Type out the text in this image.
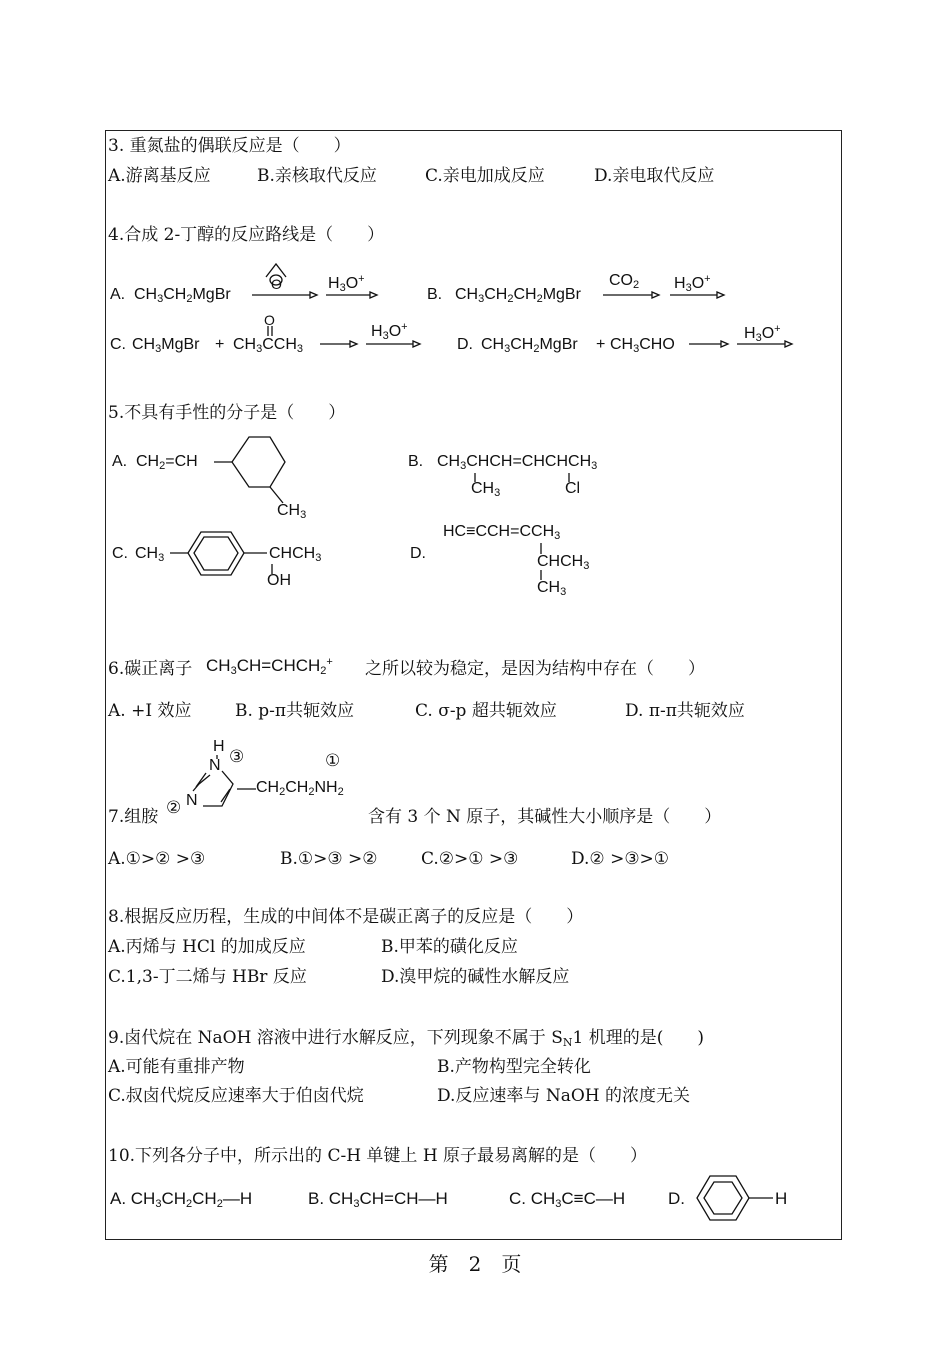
3. 重氮盐的偶联反应是（　　）
A.游离基反应	B.亲核取代反应	C.亲电加成反应	D.亲电取代反应
4.合成 2-丁醇的反应路线是（　　）
A. $CH_3CH_2MgBr$
O	$H_3O^+$
B. $CH_3CH_2CH_2MgBr$
$CO_2$ $H_3O^+$
C. $CH_3MgBr + CH_3CCH_3$
O
$H_3O^+$
D. $CH_3CH_2MgBr + CH_3CHO$
$H_3O^+$
5.不具有手性的分子是（　　）
A. $CH_2=CH$
$CH_3$
B. $CH_3CHCH=CHCHCH_3$
$CH_3$	Cl
C. $CH_3$	$CHCH_3$
OH
D.
$HC\equiv CCH=CCH_3$
$CHCH_3$
$CH_3$
6.碳正离子 $CH_3CH=CHCH_2^+$ 之所以较为稳定，是因为结构中存在（　　）
A. +I 效应	B. p-π共轭效应	C. σ-p 超共轭效应	D. π-π共轭效应
7.组胺	含有 3 个 N 原子，其碱性大小顺序是（　　）
H
N ③
N
②
$CH_2CH_2NH_2$
①
A.①>② >③	B.①>③ >②	C.②>① >③	D.② >③>①
8.根据反应历程，生成的中间体不是碳正离子的反应是（　　）
A.丙烯与 HCl 的加成反应	B.甲苯的磺化反应
C.1,3-丁二烯与 HBr 反应	D.溴甲烷的碱性水解反应
9.卤代烷在 NaOH 溶液中进行水解反应，下列现象不属于 $S_N1$ 机理的是(　　)
A.可能有重排产物	B.产物构型完全转化
C.叔卤代烷反应速率大于伯卤代烷	D.反应速率与 NaOH 的浓度无关
10.下列各分子中，所示出的 C-H 单键上 H 原子最易离解的是（　　）
A. $CH_3CH_2CH_2—H$	B. $CH_3CH=CH—H$	C. $CH_3C\equiv C—H$	D.	H
第 2 页
